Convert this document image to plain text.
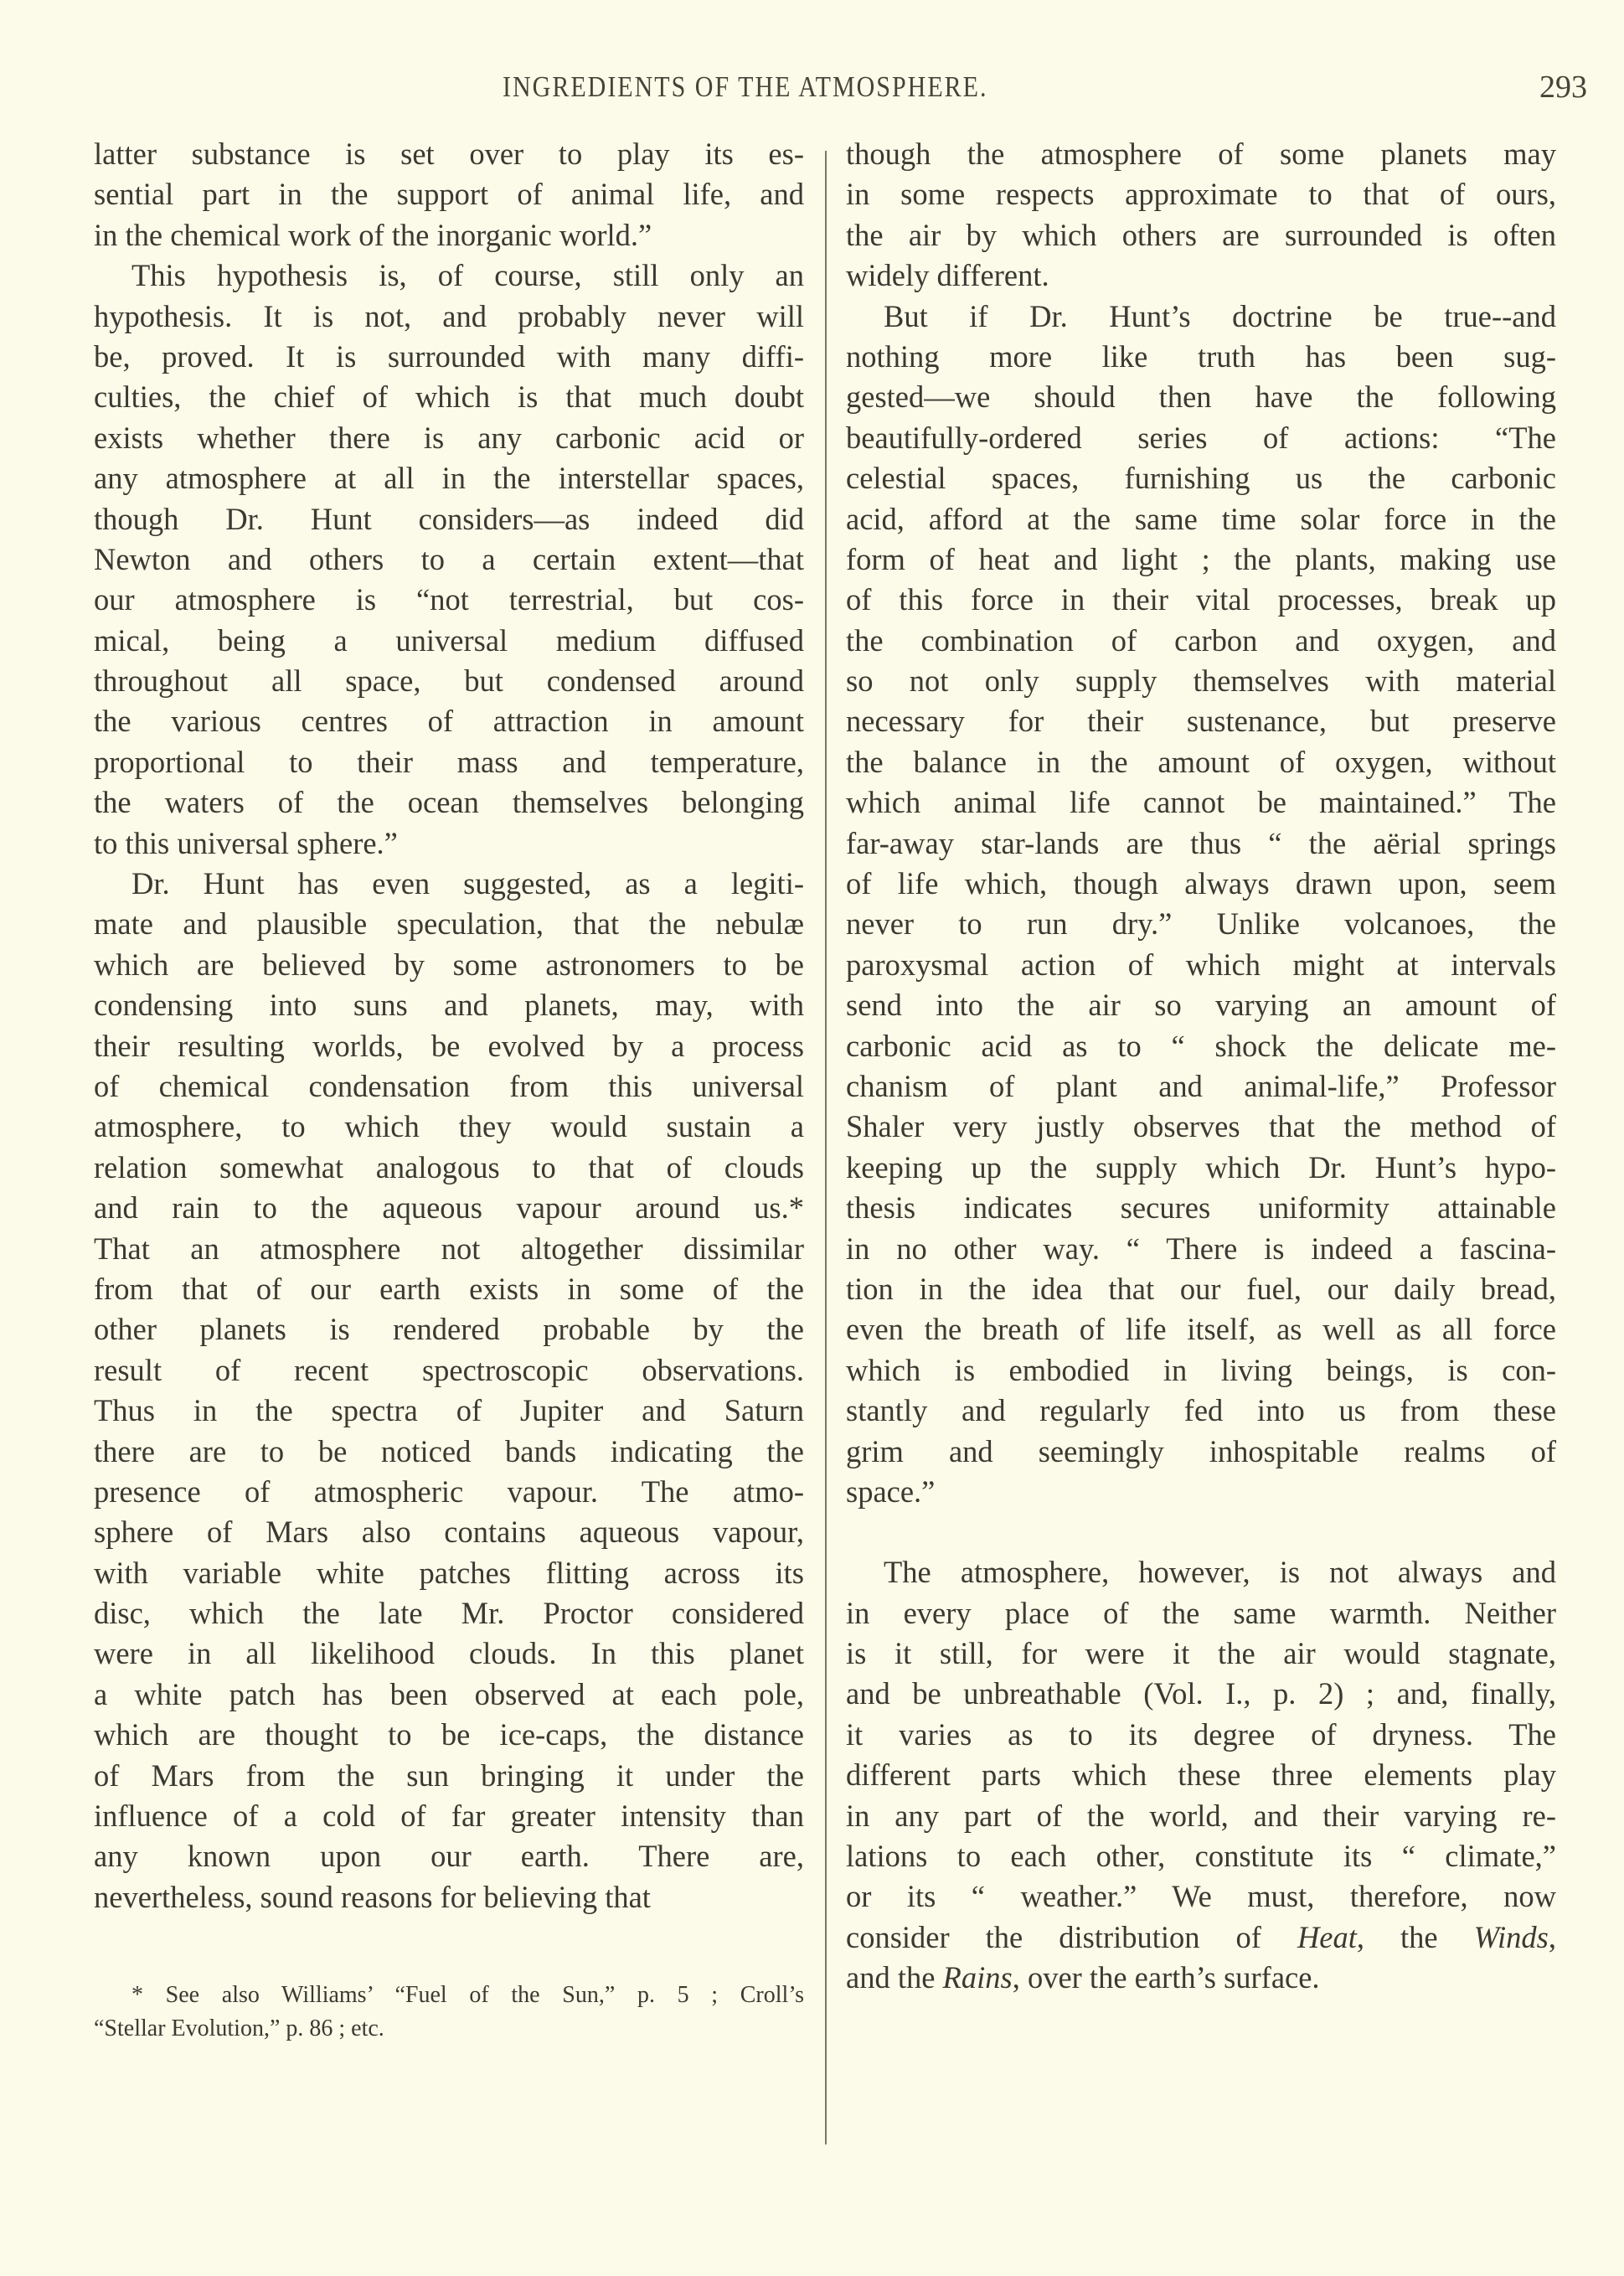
INGREDIENTS OF THE ATMOSPHERE.	293
latter substance is set over to play its es-
sential part in the support of animal life, and
in the chemical work of the inorganic world.”
This hypothesis is, of course, still only an
hypothesis. It is not, and probably never will
be, proved. It is surrounded with many diffi-
culties, the chief of which is that much doubt
exists whether there is any carbonic acid or
any atmosphere at all in the interstellar spaces,
though Dr. Hunt considers—as indeed did
Newton and others to a certain extent—that
our atmosphere is “not terrestrial, but cos-
mical, being a universal medium diffused
throughout all space, but condensed around
the various centres of attraction in amount
proportional to their mass and temperature,
the waters of the ocean themselves belonging
to this universal sphere.”
Dr. Hunt has even suggested, as a legiti-
mate and plausible speculation, that the nebulæ
which are believed by some astronomers to be
condensing into suns and planets, may, with
their resulting worlds, be evolved by a process
of chemical condensation from this universal
atmosphere, to which they would sustain a
relation somewhat analogous to that of clouds
and rain to the aqueous vapour around us.*
That an atmosphere not altogether dissimilar
from that of our earth exists in some of the
other planets is rendered probable by the
result of recent spectroscopic observations.
Thus in the spectra of Jupiter and Saturn
there are to be noticed bands indicating the
presence of atmospheric vapour. The atmo-
sphere of Mars also contains aqueous vapour,
with variable white patches flitting across its
disc, which the late Mr. Proctor considered
were in all likelihood clouds. In this planet
a white patch has been observed at each pole,
which are thought to be ice-caps, the distance
of Mars from the sun bringing it under the
influence of a cold of far greater intensity than
any known upon our earth. There are,
nevertheless, sound reasons for believing that
* See also Williams’ “Fuel of the Sun,” p. 5 ; Croll’s
“Stellar Evolution,” p. 86 ; etc.
though the atmosphere of some planets may
in some respects approximate to that of ours,
the air by which others are surrounded is often
widely different.
But if Dr. Hunt’s doctrine be true--and
nothing more like truth has been sug-
gested—we should then have the following
beautifully-ordered series of actions: “The
celestial spaces, furnishing us the carbonic
acid, afford at the same time solar force in the
form of heat and light ; the plants, making use
of this force in their vital processes, break up
the combination of carbon and oxygen, and
so not only supply themselves with material
necessary for their sustenance, but preserve
the balance in the amount of oxygen, without
which animal life cannot be maintained.” The
far-away star-lands are thus “ the aërial springs
of life which, though always drawn upon, seem
never to run dry.” Unlike volcanoes, the
paroxysmal action of which might at intervals
send into the air so varying an amount of
carbonic acid as to “ shock the delicate me-
chanism of plant and animal-life,” Professor
Shaler very justly observes that the method of
keeping up the supply which Dr. Hunt’s hypo-
thesis indicates secures uniformity attainable
in no other way. “ There is indeed a fascina-
tion in the idea that our fuel, our daily bread,
even the breath of life itself, as well as all force
which is embodied in living beings, is con-
stantly and regularly fed into us from these
grim and seemingly inhospitable realms of
space.”
The atmosphere, however, is not always and
in every place of the same warmth. Neither
is it still, for were it the air would stagnate,
and be unbreathable (Vol. I., p. 2) ; and, finally,
it varies as to its degree of dryness. The
different parts which these three elements play
in any part of the world, and their varying re-
lations to each other, constitute its “ climate,”
or its “ weather.” We must, therefore, now
consider the distribution of Heat, the Winds,
and the Rains, over the earth’s surface.
